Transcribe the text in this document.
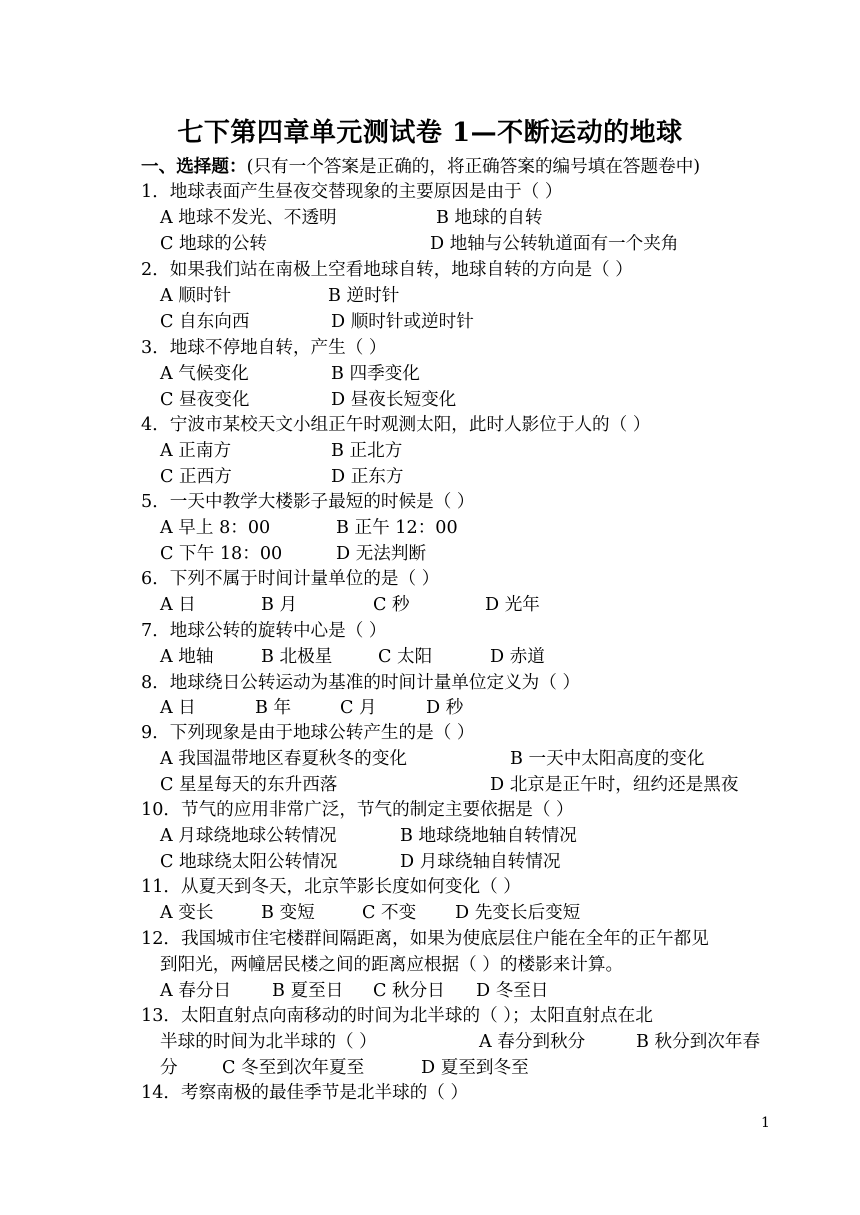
七下第四章单元测试卷 1—不断运动的地球
一、选择题：(只有一个答案是正确的，将正确答案的编号填在答题卷中)
1．地球表面产生昼夜交替现象的主要原因是由于（ ）
A 地球不发光、不透明	B 地球的自转
C 地球的公转	D 地轴与公转轨道面有一个夹角
2．如果我们站在南极上空看地球自转，地球自转的方向是（ ）
A 顺时针	B 逆时针
C 自东向西	D 顺时针或逆时针
3．地球不停地自转，产生（ ）
A 气候变化	B 四季变化
C 昼夜变化	D 昼夜长短变化
4．宁波市某校天文小组正午时观测太阳，此时人影位于人的（ ）
A 正南方	B 正北方
C 正西方	D 正东方
5．一天中教学大楼影子最短的时候是（ ）
A 早上 8：00	B 正午 12：00
C 下午 18：00	D 无法判断
6．下列不属于时间计量单位的是（ ）
A 日	B 月	C 秒	D 光年
7．地球公转的旋转中心是（ ）
A 地轴	B 北极星	C 太阳	D 赤道
8．地球绕日公转运动为基准的时间计量单位定义为（ ）
A 日	B 年	C 月	D 秒
9．下列现象是由于地球公转产生的是（ ）
A 我国温带地区春夏秋冬的变化	B 一天中太阳高度的变化
C 星星每天的东升西落	D 北京是正午时，纽约还是黑夜
10．节气的应用非常广泛，节气的制定主要依据是（ ）
A 月球绕地球公转情况	B 地球绕地轴自转情况
C 地球绕太阳公转情况	D 月球绕轴自转情况
11．从夏天到冬天，北京竿影长度如何变化（ ）
A 变长	B 变短	C 不变 D 先变长后变短
12．我国城市住宅楼群间隔距离，如果为使底层住户能在全年的正午都见
到阳光，两幢居民楼之间的距离应根据（ ）的楼影来计算。
A 春分日 B 夏至日 C 秋分日 D 冬至日
13．太阳直射点向南移动的时间为北半球的（ ）；太阳直射点在北
半球的时间为北半球的（ ）	A 春分到秋分	B 秋分到次年春
分	C 冬至到次年夏至	D 夏至到冬至
14．考察南极的最佳季节是北半球的（ ）
1
